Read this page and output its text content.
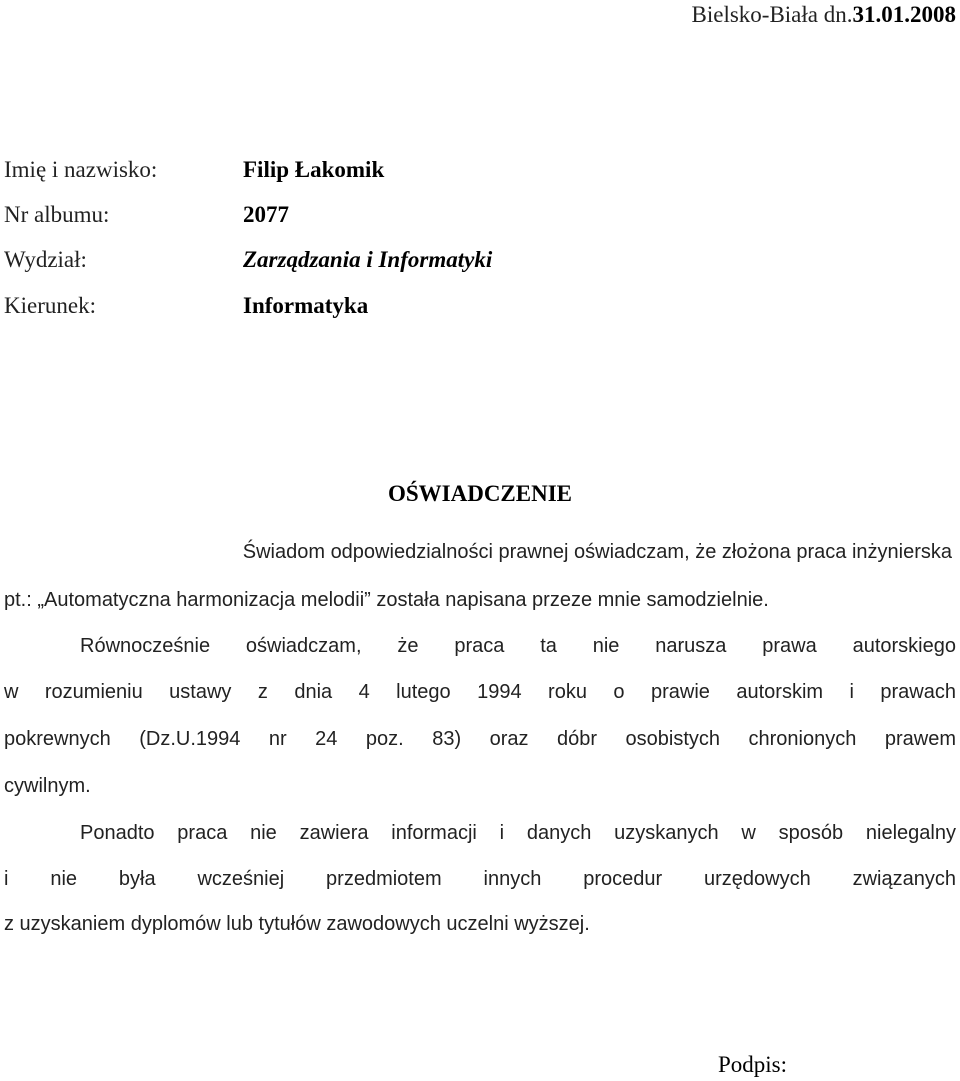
Bielsko-Biała dn.31.01.2008
Imię i nazwisko:	Filip Łakomik
Nr albumu:	2077
Wydział:	Zarządzania i Informatyki
Kierunek:	Informatyka
OŚWIADCZENIE
Świadom odpowiedzialności prawnej oświadczam, że złożona praca inżynierska
pt.: „Automatyczna harmonizacja melodii” została napisana przeze mnie samodzielnie.
Równocześnie oświadczam, że praca ta nie narusza prawa autorskiego
w rozumieniu ustawy z dnia 4 lutego 1994 roku o prawie autorskim i prawach
pokrewnych (Dz.U.1994 nr 24 poz. 83) oraz dóbr osobistych chronionych prawem
cywilnym.
Ponadto praca nie zawiera informacji i danych uzyskanych w sposób nielegalny
i nie była wcześniej przedmiotem innych procedur urzędowych związanych
z uzyskaniem dyplomów lub tytułów zawodowych uczelni wyższej.
Podpis:
